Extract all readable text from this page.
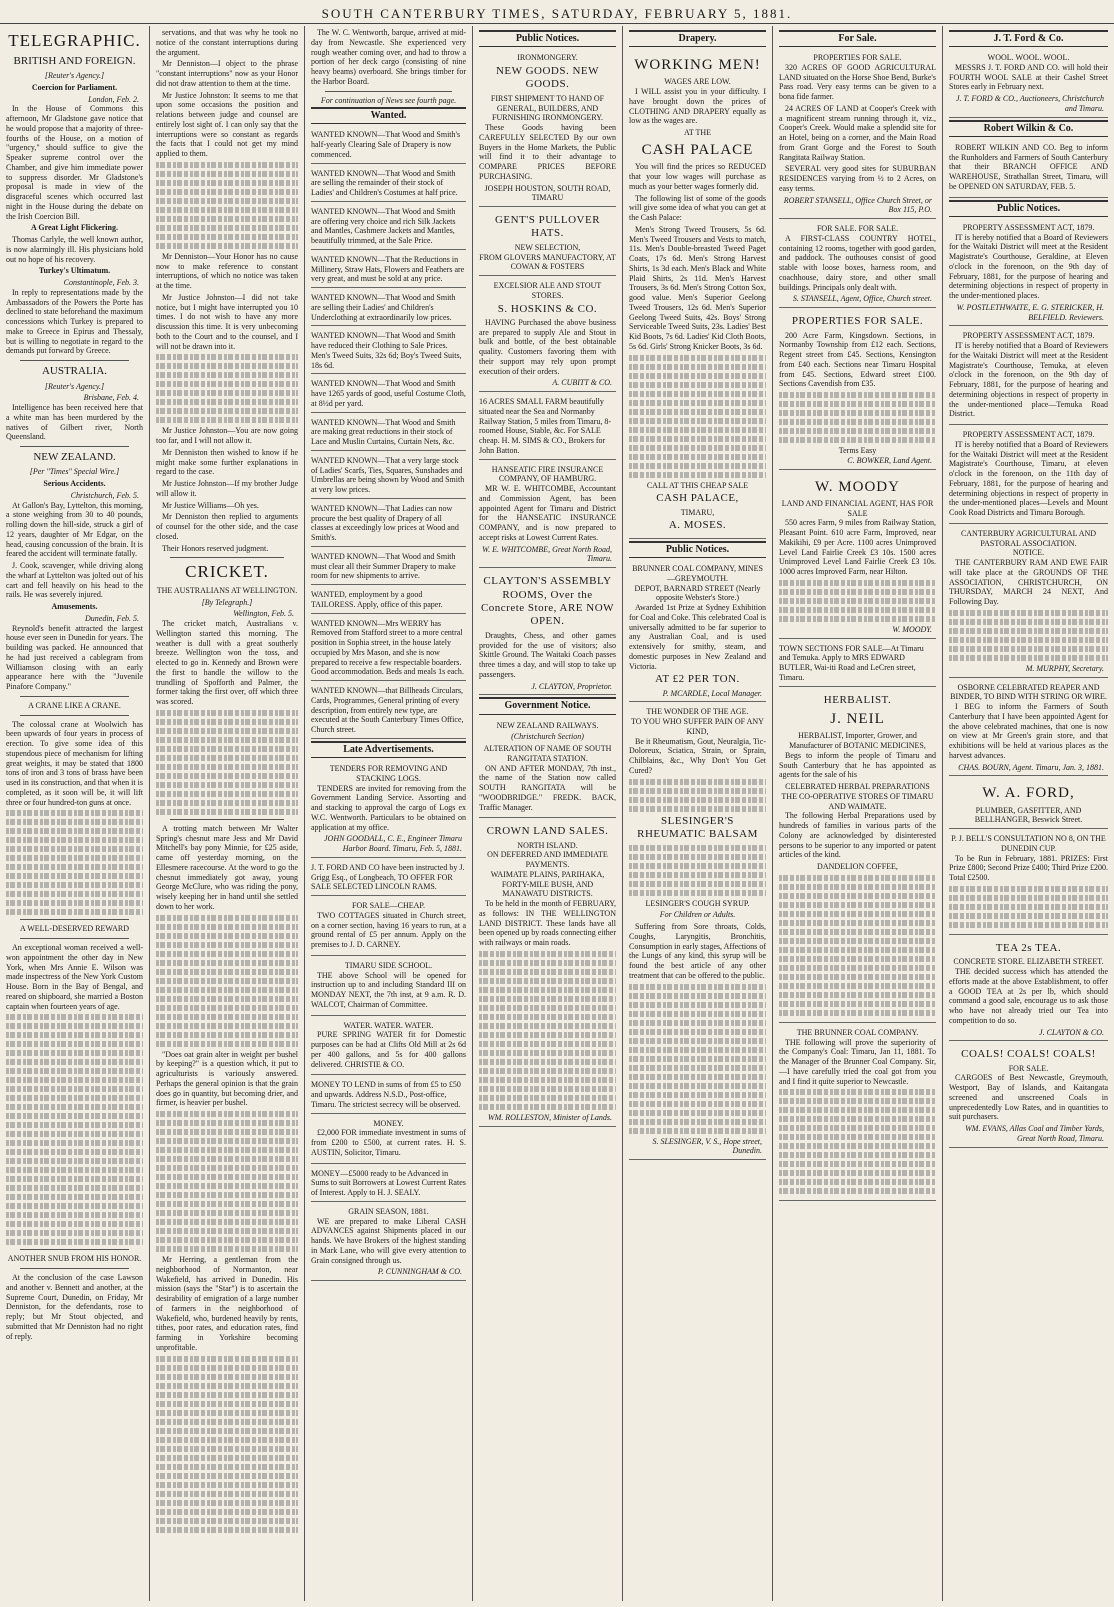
SOUTH CANTERBURY TIMES, SATURDAY, FEBRUARY 5, 1881.
TELEGRAPHIC.
BRITISH AND FOREIGN.
[Reuter's Agency.]
Coercion for Parliament.
London, Feb. 2.

In the House of Commons this afternoon, Mr Gladstone gave notice that he would propose that a majority of three-fourths of the House, on a motion of "urgency," should suffice to give the Speaker supreme control over the Chamber, and give him immediate power to suppress disorder. Mr Gladstone's proposal is made in view of the disgraceful scenes which occurred last night in the House during the debate on the Irish Coercion Bill.

A Great Light Flickering.

Thomas Carlyle, the well known author, is now alarmingly ill. His physicians hold out no hope of his recovery.

Turkey's Ultimatum.
Constantinople, Feb. 3.

In reply to representations made by the Ambassadors of the Powers the Porte has declined to state beforehand the maximum concessions which Turkey is prepared to make to Greece in Epirus and Thessaly, but is willing to negotiate in regard to the demands put forward by Greece.

AUSTRALIA.
[Reuter's Agency.]
Brisbane, Feb. 4.

Intelligence has been received here that a white man has been murdered by the natives of Gilbert river, North Queensland.

NEW ZEALAND.
[Per "Times" Special Wire.]
Serious Accidents.
Christchurch, Feb. 5.

At Gallon's Bay, Lyttelton, this morning, a stone weighing from 30 to 40 pounds, rolling down the hill-side, struck a girl of 12 years, daughter of Mr Edgar, on the head, causing concussion of the brain. It is feared the accident will terminate fatally.

J. Cook, scavenger, while driving along the wharf at Lyttelton was jolted out of his cart and fell heavily on his head to the rails. He was severely injured.

Amusements.
Dunedin, Feb. 5.

Reynold's benefit attracted the largest house ever seen in Dunedin for years. The building was packed. He announced that he had just received a cablegram from Williamson closing with an early appearance here with the "Juvenile Pinafore Company."

A CRANE LIKE A CRANE.

The colossal crane at Woolwich has been upwards of four years in process of erection. To give some idea of this stupendous piece of mechanism for lifting great weights, it may be stated that 1800 tons of iron and 3 tons of brass have been used in its construction, and that when it is completed, as it soon will be, it will lift three or four hundred-ton guns at once.

A WELL-DESERVED REWARD

An exceptional woman received a well-won appointment the other day in New York, when Mrs Annie E. Wilson was made inspectress of the New York Custom House. Born in the Bay of Bengal, and reared on shipboard, she married a Boston captain when fourteen years of age.

ANOTHER SNUB FROM HIS HONOR.

At the conclusion of the case Lawson and another v. Bennett and another, at the Supreme Court, Dunedin, on Friday, Mr Denniston, for the defendants, rose to reply; but Mr Stout objected, and submitted that Mr Denniston had no right of reply.

servations, and that was why he took no notice of the constant interruptions during the argument.

Mr Denniston—I object to the phrase "constant interruptions" now as your Honor did not draw attention to them at the time.

Mr Justice Johnston: It seems to me that upon some occasions the position and relations between judge and counsel are entirely lost sight of. I can only say that the interruptions were so constant as regards the facts that I could not get my mind applied to them.

Mr Denniston—Your Honor has no cause now to make reference to constant interruptions, of which no notice was taken at the time.

Mr Justice Johnston—I did not take notice, but I might have interrupted you 10 times. I do not wish to have any more discussion this time. It is very unbecoming both to the Court and to the counsel, and I will not be drawn into it.

Mr Justice Johnston—You are now going too far, and I will not allow it.

Mr Denniston then wished to know if he might make some further explanations in regard to the case.

Mr Justice Johnston—If my brother Judge will allow it.

Mr Justice Williams—Oh yes.

Mr Denniston then replied to arguments of counsel for the other side, and the case closed.

Their Honors reserved judgment.

CRICKET.
THE AUSTRALIANS AT WELLINGTON.
[By Telegraph.]
Wellington, Feb. 5.

The cricket match, Australians v. Wellington started this morning. The weather is dull with a great southerly breeze. Wellington won the toss, and elected to go in. Kennedy and Brown were the first to handle the willow to the trundling of Spofforth and Palmer, the former taking the first over, off which three was scored.

A trotting match between Mr Walter Spring's chesnut mare Jess and Mr David Mitchell's bay pony Minnie, for £25 aside, came off yesterday morning, on the Ellesmere racecourse. At the word to go the chesnut immediately got away, young George McClure, who was riding the pony, wisely keeping her in hand until she settled down to her work.

"Does oat grain alter in weight per bushel by keeping?" is a question which, it put to agriculturists is variously answered. Perhaps the general opinion is that the grain does go in quantity, but becoming drier, and firmer, is heavier per bushel.

Mr Herring, a gentleman from the neighborhood of Normanton, near Wakefield, has arrived in Dunedin. His mission (says the "Star") is to ascertain the desirability of emigration of a large number of farmers in the neighborhood of Wakefield, who, burdened heavily by rents, tithes, poor rates, and education rates, find farming in Yorkshire becoming unprofitable.

The W. C. Wentworth, barque, arrived at mid-day from Newcastle. She experienced very rough weather coming over, and had to throw a portion of her deck cargo (consisting of nine heavy beams) overboard. She brings timber for the Harbor Board.

For continuation of News see fourth page.
Wanted.
WANTED KNOWN—That Wood and Smith's half-yearly Clearing Sale of Drapery is now commenced.
WANTED KNOWN—That Wood and Smith are selling the remainder of their stock of Ladies' and Children's Costumes at half price.
WANTED KNOWN—That Wood and Smith are offering very choice and rich Silk Jackets and Mantles, Cashmere Jackets and Mantles, beautifully trimmed, at the Sale Price.
WANTED KNOWN—That the Reductions in Millinery, Straw Hats, Flowers and Feathers are very great, and must be sold at any price.
WANTED KNOWN—That Wood and Smith are selling their Ladies' and Children's Underclothing at extraordinarily low prices.
WANTED KNOWN—That Wood and Smith have reduced their Clothing to Sale Prices. Men's Tweed Suits, 32s 6d; Boy's Tweed Suits, 18s 6d.
WANTED KNOWN—That Wood and Smith have 1265 yards of good, useful Costume Cloth, at 8½d per yard.
WANTED KNOWN—That Wood and Smith are making great reductions in their stock of Lace and Muslin Curtains, Curtain Nets, &c.
WANTED KNOWN—That a very large stock of Ladies' Scarfs, Ties, Squares, Sunshades and Umbrellas are being shown by Wood and Smith at very low prices.
WANTED KNOWN—That Ladies can now procure the best quality of Drapery of all classes at exceedingly low prices at Wood and Smith's.
WANTED KNOWN—That Wood and Smith must clear all their Summer Drapery to make room for new shipments to arrive.
WANTED, employment by a good TAILORESS. Apply, office of this paper.
WANTED KNOWN—Mrs WERRY has Removed from Stafford street to a more central position in Sophia street, in the house lately occupied by Mrs Mason, and she is now prepared to receive a few respectable boarders. Good accommodation. Beds and meals 1s each.
WANTED KNOWN—that Billheads Circulars, Cards, Programmes, General printing of every description, from entirely new type, are executed at the South Canterbury Times Office, Church street.
Late Advertisements.
TENDERS FOR REMOVING AND STACKING LOGS.

TENDERS are invited for removing from the Government Landing Service. Assorting and and stacking to approval the cargo of Logs ex W.C. Wentworth. Particulars to be obtained on application at my office.

JOHN GOODALL, C. E., Engineer Timaru Harbor Board. Timaru, Feb. 5, 1881.
J. T. FORD AND CO have been instructed by J. Grigg Esq., of Longbeach, TO OFFER FOR SALE SELECTED LINCOLN RAMS.
FOR SALE—CHEAP.

TWO COTTAGES situated in Church street, on a corner section, having 16 years to run, at a ground rental of £5 per annum. Apply on the premises to J. D. CARNEY.

TIMARU SIDE SCHOOL.

THE above School will be opened for instruction up to and including Standard III on MONDAY NEXT, the 7th inst, at 9 a.m. R. D. WALCOT, Chairman of Committee.

WATER. WATER. WATER.

PURE SPRING WATER fit for Domestic purposes can be had at Clifts Old Mill at 2s 6d per 400 gallons, and 5s for 400 gallons delivered. CHRISTIE & CO.

MONEY TO LEND in sums of from £5 to £50 and upwards. Address N.S.D., Post-office, Timaru. The strictest secrecy will be observed.
MONEY.

£2,000 FOR immediate investment in sums of from £200 to £500, at current rates. H. S. AUSTIN, Solicitor, Timaru.

MONEY—£5000 ready to be Advanced in Sums to suit Borrowers at Lowest Current Rates of Interest. Apply to H. J. SEALY.
GRAIN SEASON, 1881.

WE are prepared to make Liberal CASH ADVANCES against Shipments placed in our hands. We have Brokers of the highest standing in Mark Lane, who will give every attention to Grain consigned through us.

P. CUNNINGHAM & CO.
Public Notices.
IRONMONGERY.
NEW GOODS. NEW GOODS.
FIRST SHIPMENT TO HAND OF GENERAL, BUILDERS, AND FURNISHING IRONMONGERY.

These Goods having been CAREFULLY SELECTED By our own Buyers in the Home Markets, the Public will find it to their advantage to COMPARE PRICES BEFORE PURCHASING.

JOSEPH HOUSTON, SOUTH ROAD, TIMARU
GENT'S PULLOVER HATS.
NEW SELECTION,
FROM GLOVERS MANUFACTORY, AT COWAN & FOSTERS
EXCELSIOR ALE AND STOUT STORES.
S. HOSKINS & CO.

HAVING Purchased the above business are prepared to supply Ale and Stout in bulk and bottle, of the best obtainable quality. Customers favoring them with their support may rely upon prompt execution of their orders.

A. CUBITT & CO.
16 ACRES SMALL FARM beautifully situated near the Sea and Normanby Railway Station, 5 miles from Timaru, 8-roomed House, Stable, &c. For SALE cheap. H. M. SIMS & CO., Brokers for John Batton.
HANSEATIC FIRE INSURANCE COMPANY, OF HAMBURG.

MR W. E. WHITCOMBE, Accountant and Commission Agent, has been appointed Agent for Timaru and District for the HANSEATIC INSURANCE COMPANY, and is now prepared to accept risks at Lowest Current Rates.

W. E. WHITCOMBE, Great North Road, Timaru.
CLAYTON'S ASSEMBLY ROOMS, Over the Concrete Store, ARE NOW OPEN.

Draughts, Chess, and other games provided for the use of visitors; also Skittle Ground. The Waitaki Coach passes three times a day, and will stop to take up passengers.

J. CLAYTON, Proprietor.
Government Notice.
NEW ZEALAND RAILWAYS.
(Christchurch Section)
ALTERATION OF NAME OF SOUTH RANGITATA STATION.

ON AND AFTER MONDAY, 7th inst., the name of the Station now called SOUTH RANGITATA will be "WOODBRIDGE." FREDK. BACK, Traffic Manager.

CROWN LAND SALES.
NORTH ISLAND.
ON DEFERRED AND IMMEDIATE PAYMENTS.
WAIMATE PLAINS, PARIHAKA, FORTY-MILE BUSH, AND MANAWATU DISTRICTS.

To be held in the month of FEBRUARY, as follows: IN THE WELLINGTON LAND DISTRICT. These lands have all been opened up by roads connecting either with railways or main roads.

WM. ROLLESTON, Minister of Lands.
Drapery.
WORKING MEN!
WAGES ARE LOW.

I WILL assist you in your difficulty. I have brought down the prices of CLOTHING AND DRAPERY equally as low as the wages are.

AT THE
CASH PALACE

You will find the prices so REDUCED that your low wages will purchase as much as your better wages formerly did.

The following list of some of the goods will give some idea of what you can get at the Cash Palace:

Men's Strong Tweed Trousers, 5s 6d. Men's Tweed Trousers and Vests to match, 11s. Men's Double-breasted Tweed Paget Coats, 17s 6d. Men's Strong Harvest Shirts, 1s 3d each. Men's Black and White Plaid Shirts, 2s 11d. Men's Harvest Trousers, 3s 6d. Men's Strong Cotton Sox, good value. Men's Superior Geelong Tweed Trousers, 12s 6d. Men's Superior Geelong Tweed Suits, 42s. Boys' Strong Serviceable Tweed Suits, 23s. Ladies' Best Kid Boots, 7s 6d. Ladies' Kid Cloth Boots, 5s 6d. Girls' Strong Knicker Boots, 3s 6d.

CALL AT THIS CHEAP SALE
CASH PALACE,
TIMARU,
A. MOSES.
Public Notices.
BRUNNER COAL COMPANY, MINES—GREYMOUTH.
DEPOT, BARNARD STREET (Nearly opposite Webster's Store.)

Awarded 1st Prize at Sydney Exhibition for Coal and Coke. This celebrated Coal is universally admitted to be far superior to any Australian Coal, and is used extensively for smithy, steam, and domestic purposes in New Zealand and Victoria.

AT £2 PER TON.
P. MCARDLE, Local Manager.
THE WONDER OF THE AGE.
TO YOU WHO SUFFER PAIN OF ANY KIND,

Be it Rheumatism, Gout, Neuralgia, Tic-Doloreux, Sciatica, Strain, or Sprain, Chilblains, &c., Why Don't You Get Cured?

SLESINGER'S RHEUMATIC BALSAM
LESINGER'S COUGH SYRUP.
For Children or Adults.

Suffering from Sore throats, Colds, Coughs, Laryngitis, Bronchitis, Consumption in early stages, Affections of the Lungs of any kind, this syrup will be found the best article of any other treatment that can be offered to the public.

S. SLESINGER, V. S., Hope street, Dunedin.
For Sale.
PROPERTIES FOR SALE.

320 ACRES OF GOOD AGRICULTURAL LAND situated on the Horse Shoe Bend, Burke's Pass road. Very easy terms can be given to a bona fide farmer.

24 ACRES OF LAND at Cooper's Creek with a magnificent stream running through it, viz., Cooper's Creek. Would make a splendid site for an Hotel, being on a corner, and the Main Road from Grant Gorge and the Forest to South Rangitata Railway Station.

SEVERAL very good sites for SUBURBAN RESIDENCES varying from ½ to 2 Acres, on easy terms.

ROBERT STANSELL, Office Church Street, or Box 115, P.O.
FOR SALE. FOR SALE.

A FIRST-CLASS COUNTRY HOTEL, containing 12 rooms, together with good garden, and paddock. The outhouses consist of good stable with loose boxes, harness room, and coachhouse, dairy store, and other small buildings. Principals only dealt with.

S. STANSELL, Agent, Office, Church street.
PROPERTIES FOR SALE.

200 Acre Farm, Kingsdown. Sections, in Normanby Township from £12 each. Sections, Regent street from £45. Sections, Kensington from £40 each. Sections near Timaru Hospital from £45. Sections, Edward street £100. Sections Cavendish from £35.

Terms Easy
C. BOWKER, Land Agent.
W. MOODY
LAND AND FINANCIAL AGENT, HAS FOR SALE

550 acres Farm, 9 miles from Railway Station, Pleasant Point. 610 acre Farm, Improved, near Makikihi, £9 per Acre. 1100 acres Unimproved Level Land Fairlie Creek £3 10s. 1500 acres Unimproved Level Land Fairlie Creek £3 10s. 1000 acres Improved Farm, near Hilton.

W. MOODY.
TOWN SECTIONS FOR SALE—At Timaru and Temuka. Apply to MRS EDWARD BUTLER, Wai-iti Road and LeCren street, Timaru.
HERBALIST.
J. NEIL
HERBALIST, Importer, Grower, and Manufacturer of BOTANIC MEDICINES,

Begs to inform the people of Timaru and South Canterbury that he has appointed as agents for the sale of his

CELEBRATED HERBAL PREPARATIONS
THE CO-OPERATIVE STORES OF TIMARU AND WAIMATE.

The following Herbal Preparations used by hundreds of families in various parts of the Colony are acknowledged by disinterested persons to be superior to any imported or patent articles of the kind.

DANDELION COFFEE,
THE BRUNNER COAL COMPANY.

THE following will prove the superiority of the Company's Coal: Timaru, Jan 11, 1881. To the Manager of the Brunner Coal Company. Sir,—I have carefully tried the coal got from you and I find it quite superior to Newcastle.

J. T. Ford & Co.
WOOL. WOOL. WOOL.

MESSRS J. T. FORD AND CO. will hold their FOURTH WOOL SALE at their Cashel Street Stores early in February next.

J. T. FORD & CO., Auctioneers, Christchurch and Timaru.
Robert Wilkin & Co.

ROBERT WILKIN AND CO. Beg to inform the Runholders and Farmers of South Canterbury that their BRANCH OFFICE AND WAREHOUSE, Strathallan Street, Timaru, will be OPENED ON SATURDAY, FEB. 5.

Public Notices.
PROPERTY ASSESSMENT ACT, 1879.

IT is hereby notified that a Board of Reviewers for the Waitaki District will meet at the Resident Magistrate's Courthouse, Geraldine, at Eleven o'clock in the forenoon, on the 9th day of February, 1881, for the purpose of hearing and determining objections in respect of property in the under-mentioned places.

W. POSTLETHWAITE, E. G. STERICKER, H. BELFIELD. Reviewers.
PROPERTY ASSESSMENT ACT, 1879.

IT is hereby notified that a Board of Reviewers for the Waitaki District will meet at the Resident Magistrate's Courthouse, Temuka, at eleven o'clock in the forenoon, on the 9th day of February, 1881, for the purpose of hearing and determining objections in respect of property in the under-mentioned place—Temuka Road District.

PROPERTY ASSESSMENT ACT, 1879.

IT is hereby notified that a Board of Reviewers for the Waitaki District will meet at the Resident Magistrate's Courthouse, Timaru, at eleven o'clock in the forenoon, on the 11th day of February, 1881, for the purpose of hearing and determining objections in respect of property in the under-mentioned places—Levels and Mount Cook Road Districts and Timaru Borough.

CANTERBURY AGRICULTURAL AND PASTORAL ASSOCIATION.
NOTICE.

THE CANTERBURY RAM AND EWE FAIR will take place at the GROUNDS OF THE ASSOCIATION, CHRISTCHURCH, ON THURSDAY, MARCH 24 NEXT, And Following Day.

M. MURPHY, Secretary.
OSBORNE CELEBRATED REAPER AND BINDER, TO BIND WITH STRING OR WIRE.

I BEG to inform the Farmers of South Canterbury that I have been appointed Agent for the above celebrated machines, that one is now on view at Mr Green's grain store, and that exhibitions will be held at various places as the harvest advances.

CHAS. BOURN, Agent. Timaru, Jan. 3, 1881.
W. A. FORD,
PLUMBER, GASFITTER, AND BELLHANGER, Beswick Street.
P. J. BELL'S CONSULTATION NO 8, ON THE DUNEDIN CUP.

To be Run in February, 1881. PRIZES: First Prize £800; Second Prize £400; Third Prize £200. Total £2500.

TEA 2s TEA.
CONCRETE STORE. ELIZABETH STREET.

THE decided success which has attended the efforts made at the above Establishment, to offer a GOOD TEA at 2s per lb, which should command a good sale, encourage us to ask those who have not already tried our Tea into competition to do so.

J. CLAYTON & CO.
COALS! COALS! COALS!
FOR SALE.

CARGOES of Best Newcastle, Greymouth, Westport, Bay of Islands, and Kaitangata screened and unscreened Coals in unprecedentedly Low Rates, and in quantities to suit purchasers.

WM. EVANS, Allas Coal and Timber Yards, Great North Road, Timaru.
